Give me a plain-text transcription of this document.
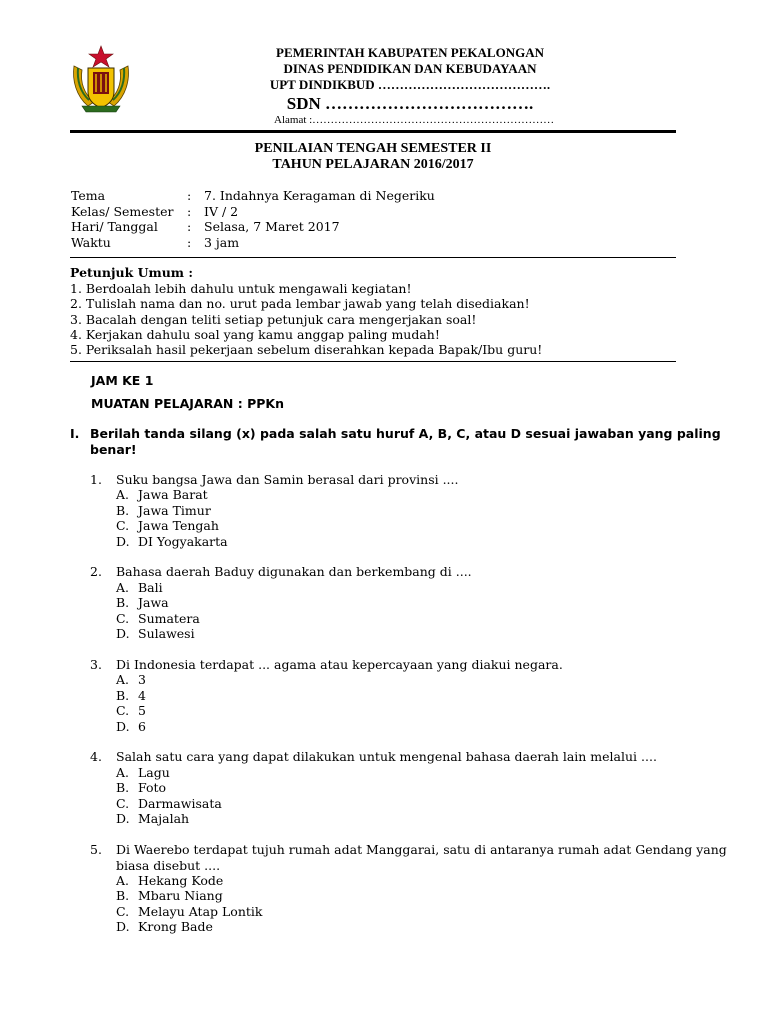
PEMERINTAH KABUPATEN PEKALONGAN
DINAS PENDIDIKAN DAN KEBUDAYAAN
UPT DINDIKBUD ………………………………….
SDN ……………………………….
Alamat :…………………………………………………………
PENILAIAN TENGAH SEMESTER II
TAHUN PELAJARAN 2016/2017
Tema	: 7. Indahnya Keragaman di Negeriku
Kelas/ Semester : IV / 2
Hari/ Tanggal : Selasa, 7 Maret 2017
Waktu	: 3 jam
Petunjuk Umum :
1. Berdoalah lebih dahulu untuk mengawali kegiatan!
2. Tulislah nama dan no. urut pada lembar jawab yang telah disediakan!
3. Bacalah dengan teliti setiap petunjuk cara mengerjakan soal!
4. Kerjakan dahulu soal yang kamu anggap paling mudah!
5. Periksalah hasil pekerjaan sebelum diserahkan kepada Bapak/Ibu guru!
JAM KE 1
MUATAN PELAJARAN : PPKn
I. Berilah tanda silang (x) pada salah satu huruf A, B, C, atau D sesuai jawaban yang paling benar!
1. Suku bangsa Jawa dan Samin berasal dari provinsi ....
A. Jawa Barat
B. Jawa Timur
C. Jawa Tengah
D. DI Yogyakarta
2. Bahasa daerah Baduy digunakan dan berkembang di ....
A. Bali
B. Jawa
C. Sumatera
D. Sulawesi
3. Di Indonesia terdapat ... agama atau kepercayaan yang diakui negara.
A. 3
B. 4
C. 5
D. 6
4. Salah satu cara yang dapat dilakukan untuk mengenal bahasa daerah lain melalui ....
A. Lagu
B. Foto
C. Darmawisata
D. Majalah
5. Di Waerebo terdapat tujuh rumah adat Manggarai, satu di antaranya rumah adat Gendang yang biasa disebut ....
A. Hekang Kode
B. Mbaru Niang
C. Melayu Atap Lontik
D. Krong Bade
